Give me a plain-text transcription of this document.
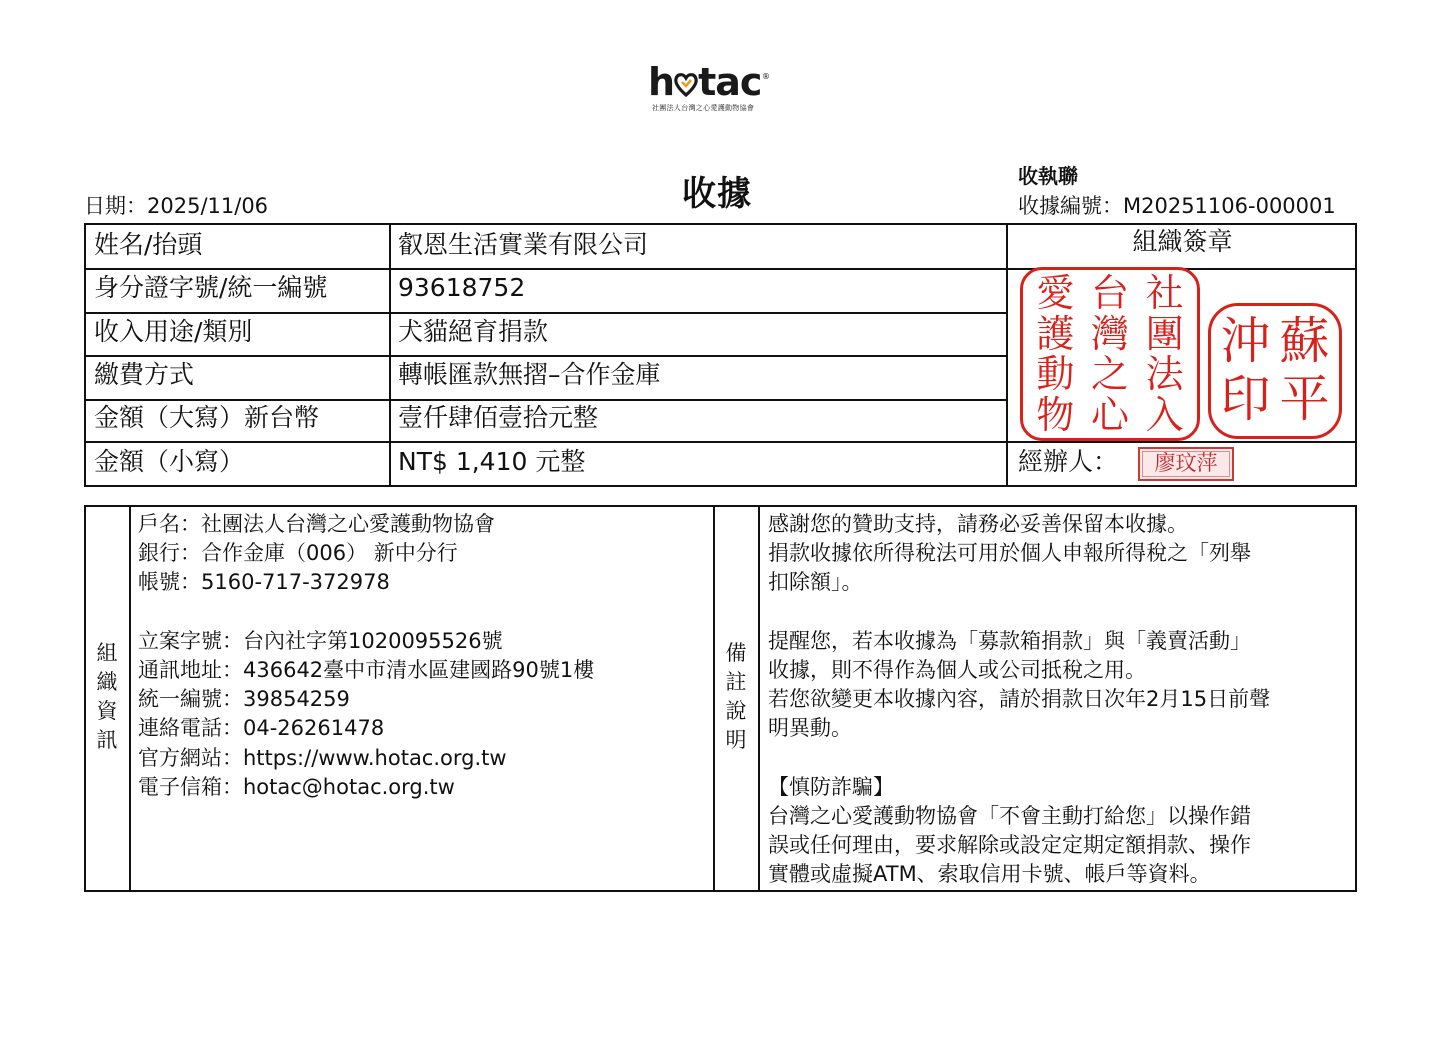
h tac ®
社團法人台灣之心愛護動物協會
日期：2025/11/06	收據	收執聯
收據編號：M20251106-000001
姓名/抬頭	叡恩生活實業有限公司
身分證字號/統一編號	93618752
收入用途/類別	犬貓絕育捐款
繳費方式	轉帳匯款無摺–合作金庫
金額（大寫）新台幣	壹仟肆佰壹拾元整
金額（小寫）	NT$ 1,410 元整
組織簽章
社
團
法
入
台
灣
之
心
愛
護
動
物
蘇
平
沖
印
經辦人：	廖玟萍
組織資訊
備註說明
戶名：社團法人台灣之心愛護動物協會
銀行：合作金庫（006） 新中分行
帳號：5160-717-372978
立案字號：台內社字第1020095526號
通訊地址：436642臺中市清水區建國路90號1樓
統一編號：39854259
連絡電話：04-26261478
官方網站：https://www.hotac.org.tw
電子信箱：hotac@hotac.org.tw
感謝您的贊助支持，請務必妥善保留本收據。
捐款收據依所得稅法可用於個人申報所得稅之「列舉
扣除額」。
提醒您，若本收據為「募款箱捐款」與「義賣活動」
收據，則不得作為個人或公司抵稅之用。
若您欲變更本收據內容，請於捐款日次年2月15日前聲
明異動。
【慎防詐騙】
台灣之心愛護動物協會「不會主動打給您」以操作錯
誤或任何理由，要求解除或設定定期定額捐款、操作
實體或虛擬ATM、索取信用卡號、帳戶等資料。
